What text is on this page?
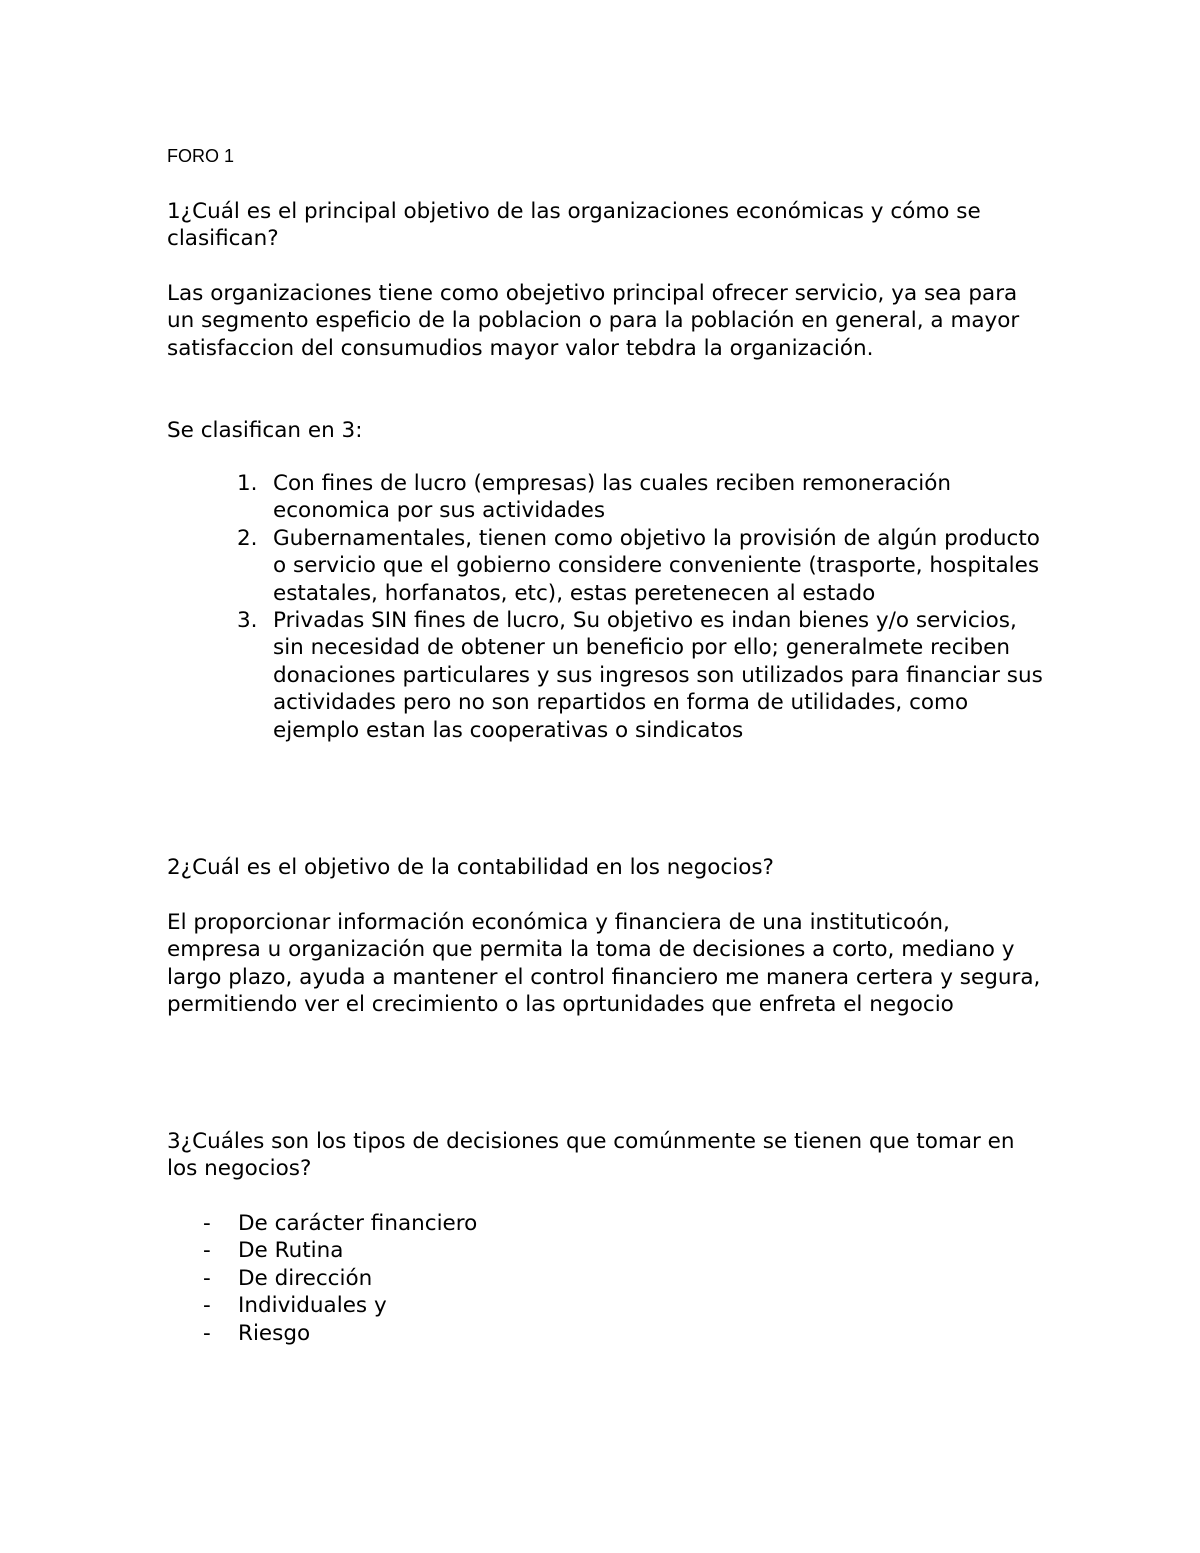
FORO 1

1¿Cuál es el principal objetivo de las organizaciones económicas y cómo se clasifican?

Las organizaciones tiene como obejetivo principal ofrecer servicio, ya sea para un segmento espeficio de la poblacion o para la población en general, a mayor satisfaccion del consumudios mayor valor tebdra la organización.

Se clasifican en 3:

1. Con fines de lucro (empresas) las cuales reciben remoneración economica por sus actividades
2. Gubernamentales, tienen como objetivo la provisión de algún producto o servicio que el gobierno considere conveniente (trasporte, hospitales estatales, horfanatos, etc), estas peretenecen al estado
3. Privadas SIN fines de lucro, Su objetivo es indan bienes y/o servicios, sin necesidad de obtener un beneficio por ello; generalmete reciben donaciones particulares y sus ingresos son utilizados para financiar sus actividades pero no son repartidos en forma de utilidades, como ejemplo estan las cooperativas o sindicatos

2¿Cuál es el objetivo de la contabilidad en los negocios?

El proporcionar información económica y financiera de una instituticoón, empresa u organización que permita la toma de decisiones a corto, mediano y largo plazo, ayuda a mantener el control financiero me manera certera y segura, permitiendo ver el crecimiento o las oprtunidades que enfreta el negocio

3¿Cuáles son los tipos de decisiones que comúnmente se tienen que tomar en los negocios?

- De carácter financiero
- De Rutina
- De dirección
- Individuales y
- Riesgo
